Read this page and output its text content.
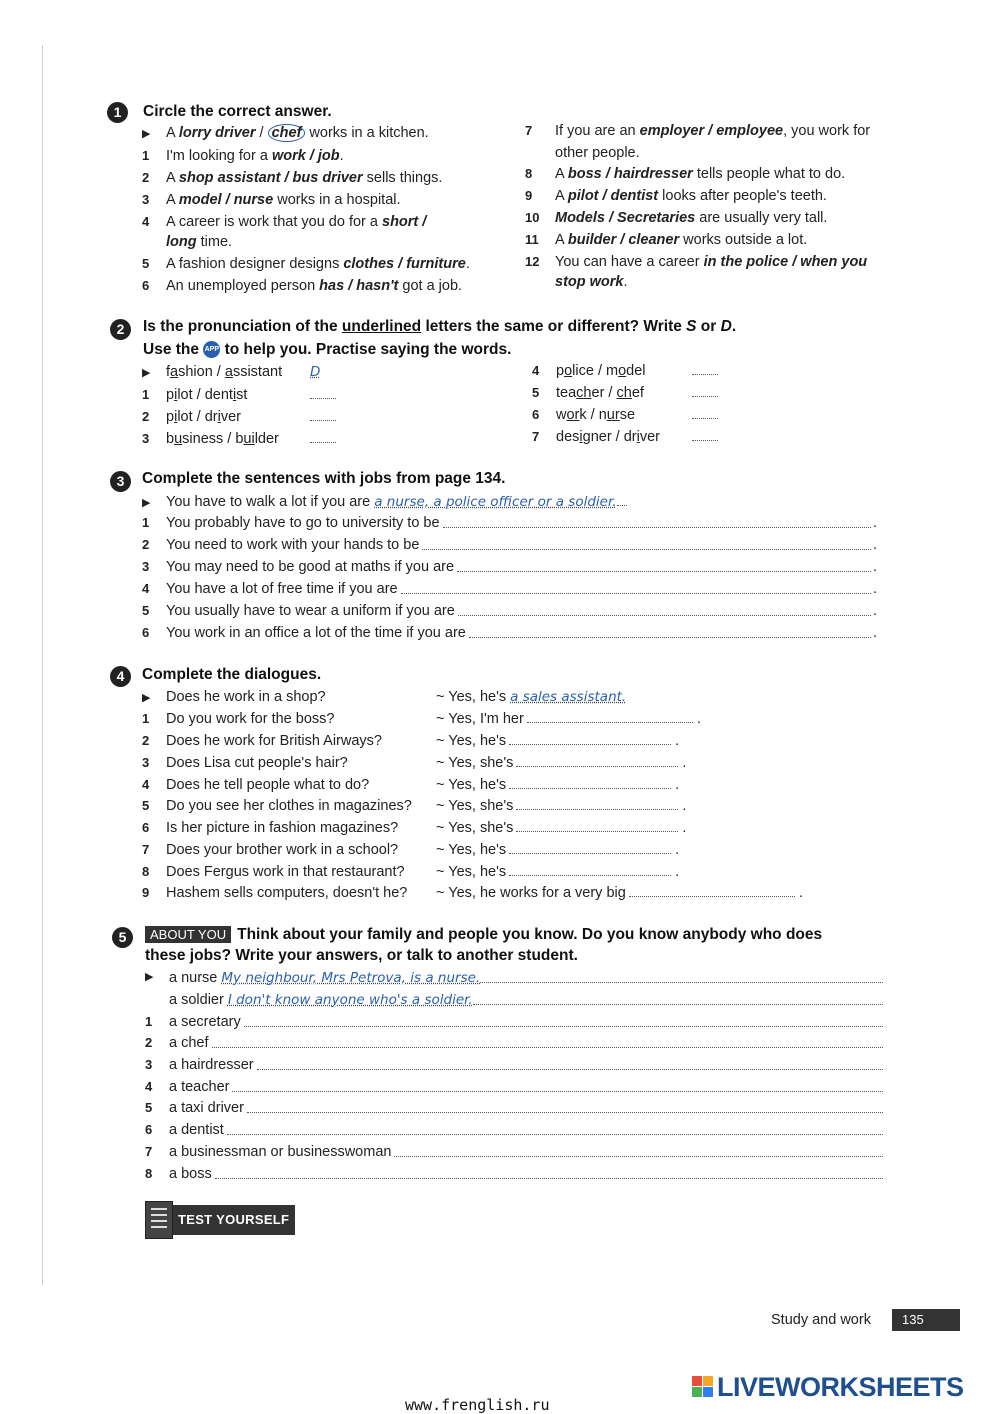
1	Circle the correct answer.
▶ A lorry driver / chef works in a kitchen.
1 I'm looking for a work / job.
2 A shop assistant / bus driver sells things.
3 A model / nurse works in a hospital.
4 A career is work that you do for a short /
long time.
5 A fashion designer designs clothes / furniture.
6 An unemployed person has / hasn't got a job.
7 If you are an employer / employee, you work for
other people.
8 A boss / hairdresser tells people what to do.
9 A pilot / dentist looks after people's teeth.
10 Models / Secretaries are usually very tall.
11 A builder / cleaner works outside a lot.
12 You can have a career in the police / when you
stop work.
2	Is the pronunciation of the underlined letters the same or different? Write S or D.
Use the APP to help you. Practise saying the words.
▶ fashion / assistant D
1 pilot / dentist
2 pilot / driver
3 business / builder
4 police / model
5 teacher / chef
6 work / nurse
7 designer / driver
3	Complete the sentences with jobs from page 134.
▶ You have to walk a lot if you are a nurse, a police officer or a soldier.
1	You probably have to go to university to be	.
2	You need to work with your hands to be	.
3	You may need to be good at maths if you are	.
4	You have a lot of free time if you are	.
5	You usually have to wear a uniform if you are	.
6	You work in an office a lot of the time if you are	.
4	Complete the dialogues.
▶ Does he work in a shop?	~ Yes, he's a sales assistant.
1 Do you work for the boss?	~ Yes, I'm her	.
2 Does he work for British Airways?	~ Yes, he's	.
3 Does Lisa cut people's hair?	~ Yes, she's	.
4 Does he tell people what to do?	~ Yes, he's	.
5 Do you see her clothes in magazines? ~ Yes, she's	.
6 Is her picture in fashion magazines?	~ Yes, she's	.
7 Does your brother work in a school?	~ Yes, he's	.
8 Does Fergus work in that restaurant? ~ Yes, he's	.
9 Hashem sells computers, doesn't he? ~ Yes, he works for a very big	.
5	ABOUT YOU Think about your family and people you know. Do you know anybody who does
these jobs? Write your answers, or talk to another student.
▶	a nurse My neighbour, Mrs Petrova, is a nurse.
a soldier I don't know anyone who's a soldier.
1	a secretary
2	a chef
3	a hairdresser
4	a teacher
5	a taxi driver
6	a dentist
7	a businessman or businesswoman
8	a boss
TEST YOURSELF
Study and work	135
www.frenglish.ru
LIVEWORKSHEETS
